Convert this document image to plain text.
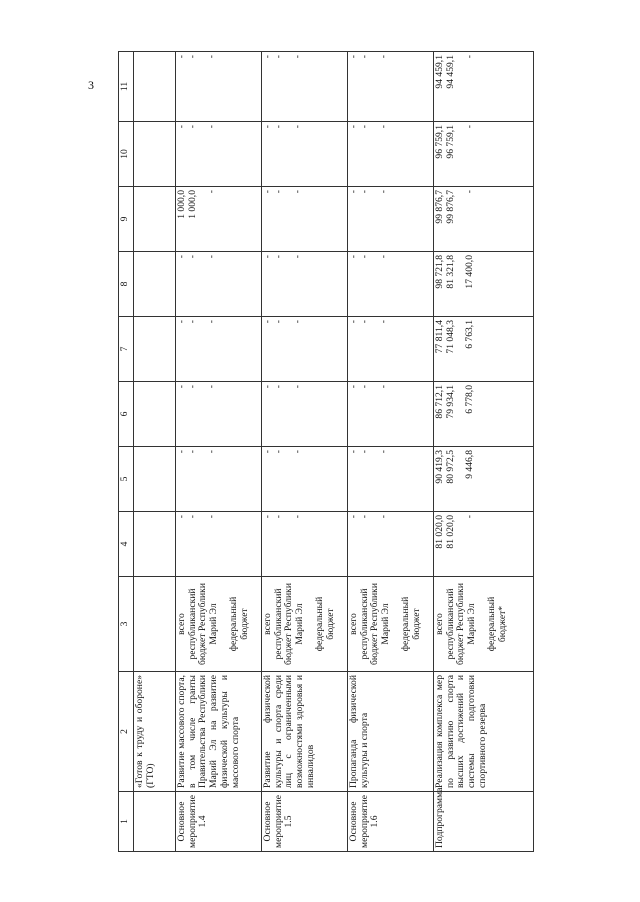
3
1	2	3	4	5	6	7	8	9	10	11

	«Готов к труду и обороне» (ГТО)									

Основное мероприятие 1.4	Развитие массового спорта, в том числе гранты Правительства Республики Марий Эл на развитие физической культуры и массового спорта	всего республиканский бюджет Республики Марий Эл федеральный бюджет	- - -	- - -	- - -	- - -	- - -	1 000,0 1 000,0 -	- - -	- - -

Основное мероприятие 1.5	Развитие физической культуры и спорта среди лиц с ограниченными возможностями здоровья и инвалидов	всего республиканский бюджет Республики Марий Эл федеральный бюджет	- - -	- - -	- - -	- - -	- - -	- - -	- - -	- - -

Основное мероприятие 1.6	Пропаганда физической культуры и спорта	всего республиканский бюджет Республики Марий Эл федеральный бюджет	- - -	- - -	- - -	- - -	- - -	- - -	- - -	- - -

Подпрограмма	Реализация комплекса мер по развитию спорта высших достижений и системы подготовки спортивного резерва	всего республиканский бюджет Республики Марий Эл федеральный бюджет*	81 020,0 81 020,0 -	90 419,3 80 972,5 9 446,8	86 712,1 79 934,1 6 778,0	77 811,4 71 048,3 6 763,1	98 721,8 81 321,8 17 400,0	99 876,7 99 876,7 -	96 759,1 96 759,1 -	94 459,1 94 459,1 -
